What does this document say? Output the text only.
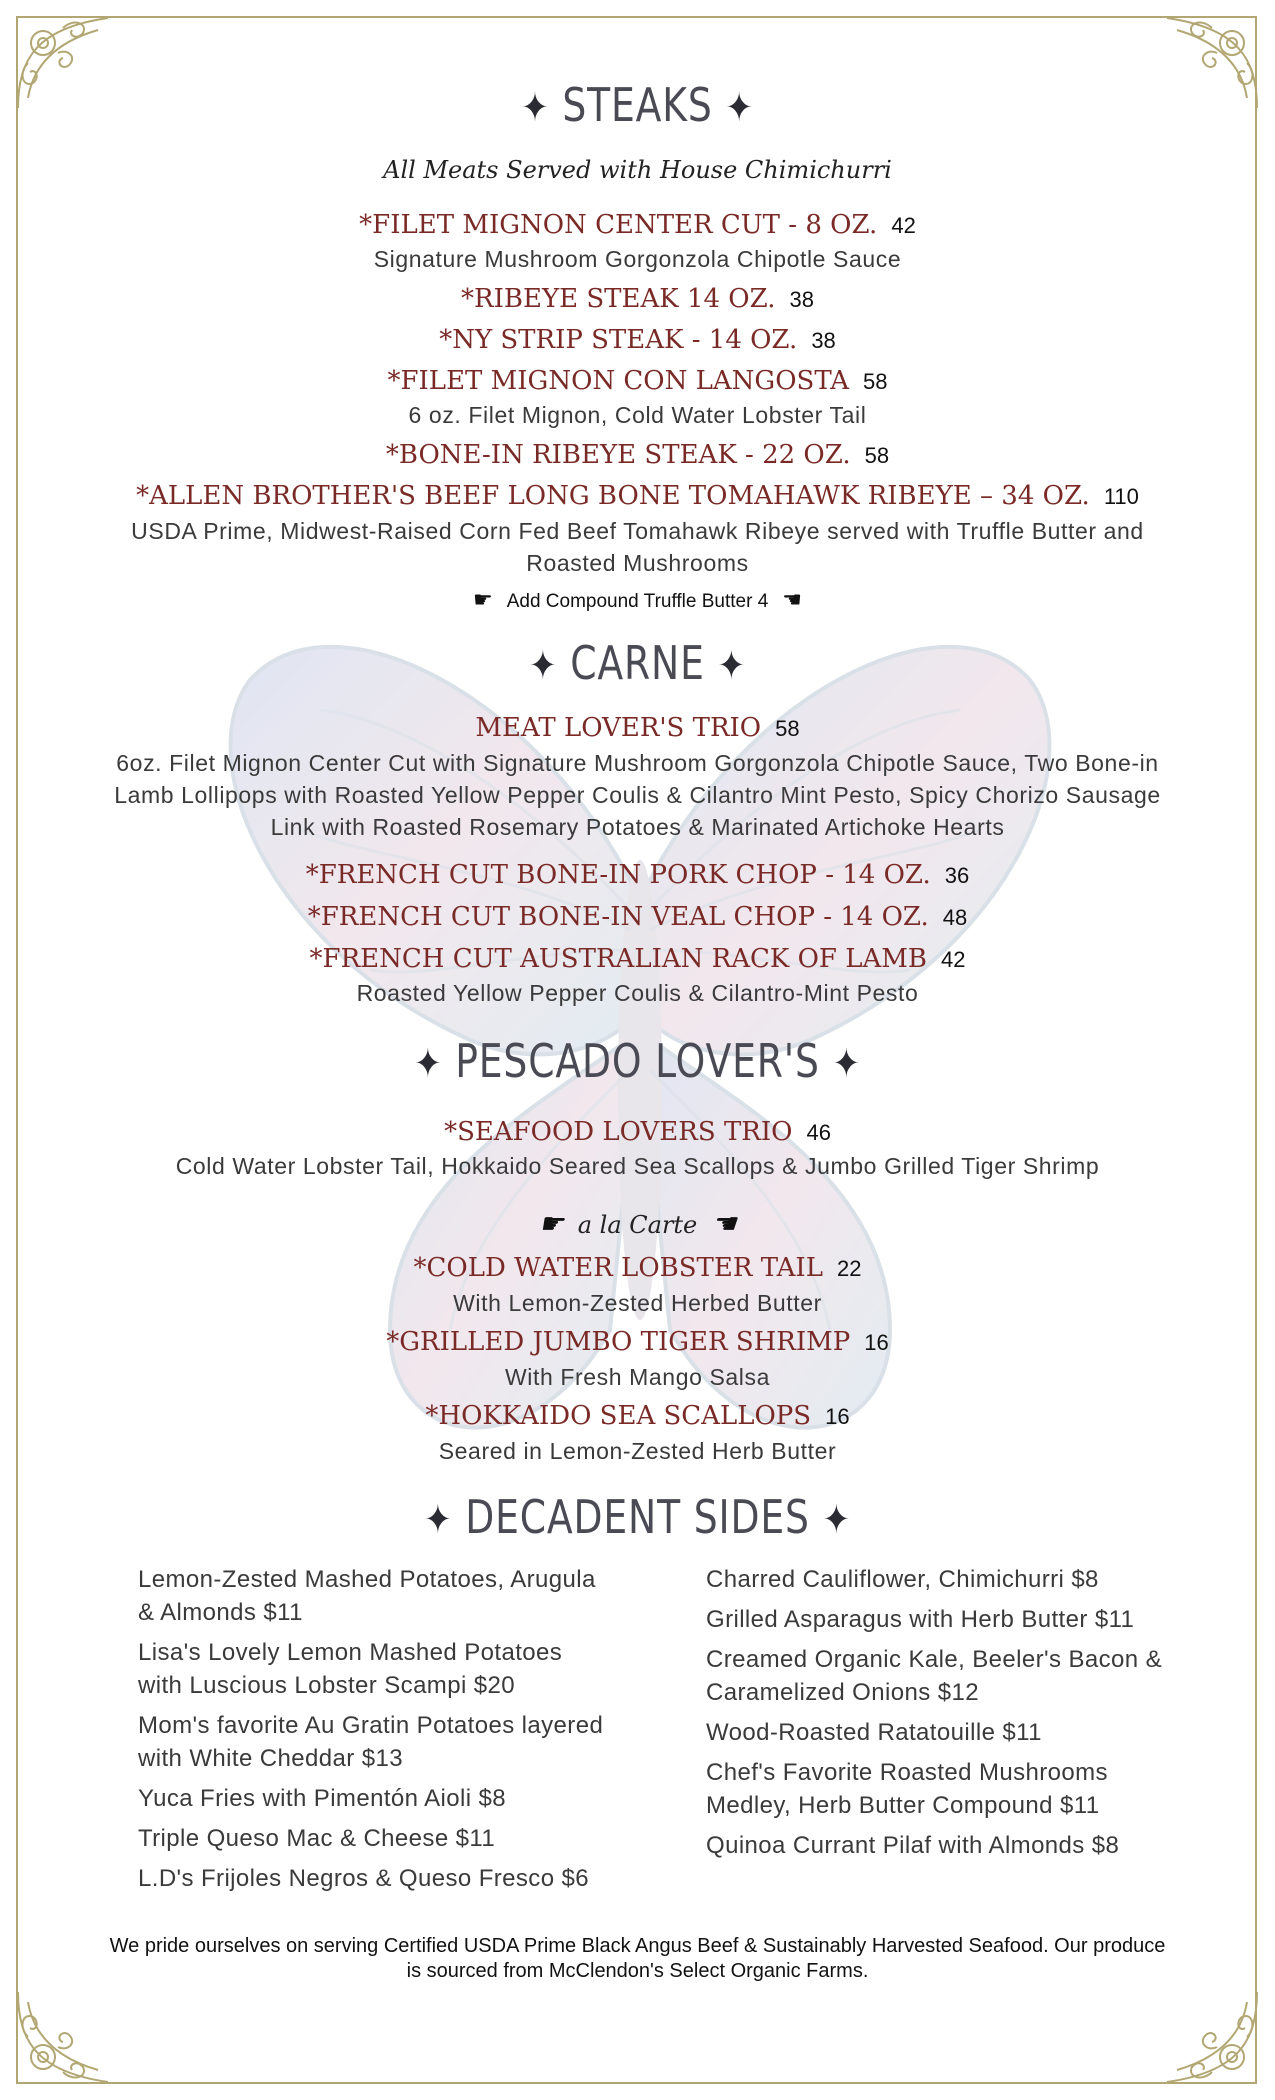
✦ STEAKS ✦
All Meats Served with House Chimichurri
*FILET MIGNON CENTER CUT - 8 OZ. 42
Signature Mushroom Gorgonzola Chipotle Sauce
*RIBEYE STEAK 14 OZ. 38
*NY STRIP STEAK - 14 OZ. 38
*FILET MIGNON CON LANGOSTA 58
6 oz. Filet Mignon, Cold Water Lobster Tail
*BONE-IN RIBEYE STEAK - 22 OZ. 58
*ALLEN BROTHER'S BEEF LONG BONE TOMAHAWK RIBEYE – 34 OZ. 110
USDA Prime, Midwest-Raised Corn Fed Beef Tomahawk Ribeye served with Truffle Butter and
Roasted Mushrooms
☛ Add Compound Truffle Butter 4 ☚
✦ CARNE ✦
MEAT LOVER'S TRIO 58
6oz. Filet Mignon Center Cut with Signature Mushroom Gorgonzola Chipotle Sauce, Two Bone-in
Lamb Lollipops with Roasted Yellow Pepper Coulis & Cilantro Mint Pesto, Spicy Chorizo Sausage
Link with Roasted Rosemary Potatoes & Marinated Artichoke Hearts
*FRENCH CUT BONE-IN PORK CHOP - 14 OZ. 36
*FRENCH CUT BONE-IN VEAL CHOP - 14 OZ. 48
*FRENCH CUT AUSTRALIAN RACK OF LAMB 42
Roasted Yellow Pepper Coulis & Cilantro-Mint Pesto
✦ PESCADO LOVER'S ✦
*SEAFOOD LOVERS TRIO 46
Cold Water Lobster Tail, Hokkaido Seared Sea Scallops & Jumbo Grilled Tiger Shrimp
☛ a la Carte ☚
*COLD WATER LOBSTER TAIL 22
With Lemon-Zested Herbed Butter
*GRILLED JUMBO TIGER SHRIMP 16
With Fresh Mango Salsa
*HOKKAIDO SEA SCALLOPS 16
Seared in Lemon-Zested Herb Butter
✦ DECADENT SIDES ✦
Lemon-Zested Mashed Potatoes, Arugula & Almonds $11
Lisa's Lovely Lemon Mashed Potatoes with Luscious Lobster Scampi $20
Mom's favorite Au Gratin Potatoes layered with White Cheddar $13
Yuca Fries with Pimentón Aioli $8
Triple Queso Mac & Cheese $11
L.D's Frijoles Negros & Queso Fresco $6
Charred Cauliflower, Chimichurri $8
Grilled Asparagus with Herb Butter $11
Creamed Organic Kale, Beeler's Bacon & Caramelized Onions $12
Wood-Roasted Ratatouille $11
Chef's Favorite Roasted Mushrooms Medley, Herb Butter Compound $11
Quinoa Currant Pilaf with Almonds $8
We pride ourselves on serving Certified USDA Prime Black Angus Beef & Sustainably Harvested Seafood. Our produce
is sourced from McClendon's Select Organic Farms.
